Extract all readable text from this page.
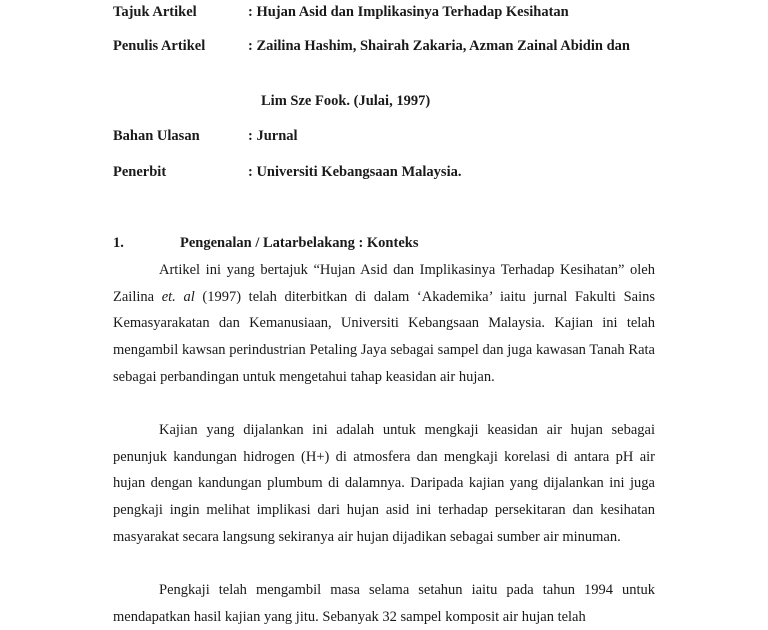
Tajuk Artikel	: Hujan Asid dan Implikasinya Terhadap Kesihatan
Penulis Artikel	: Zailina Hashim, Shairah Zakaria, Azman Zainal Abidin dan
Lim Sze Fook. (Julai, 1997)
Bahan Ulasan	: Jurnal
Penerbit	: Universiti Kebangsaan Malaysia.
1.	Pengenalan / Latarbelakang : Konteks

Artikel ini yang bertajuk “Hujan Asid dan Implikasinya Terhadap Kesihatan” oleh Zailina et. al (1997) telah diterbitkan di dalam ‘Akademika’ iaitu jurnal Fakulti Sains Kemasyarakatan dan Kemanusiaan, Universiti Kebangsaan Malaysia. Kajian ini telah mengambil kawsan perindustrian Petaling Jaya sebagai sampel dan juga kawasan Tanah Rata sebagai perbandingan untuk mengetahui tahap keasidan air hujan.

Kajian yang dijalankan ini adalah untuk mengkaji keasidan air hujan sebagai penunjuk kandungan hidrogen (H+) di atmosfera dan mengkaji korelasi di antara pH air hujan dengan kandungan plumbum di dalamnya. Daripada kajian yang dijalankan ini juga pengkaji ingin melihat implikasi dari hujan asid ini terhadap persekitaran dan kesihatan masyarakat secara langsung sekiranya air hujan dijadikan sebagai sumber air minuman.

Pengkaji telah mengambil masa selama setahun iaitu pada tahun 1994 untuk mendapatkan hasil kajian yang jitu. Sebanyak 32 sampel komposit air hujan telah
